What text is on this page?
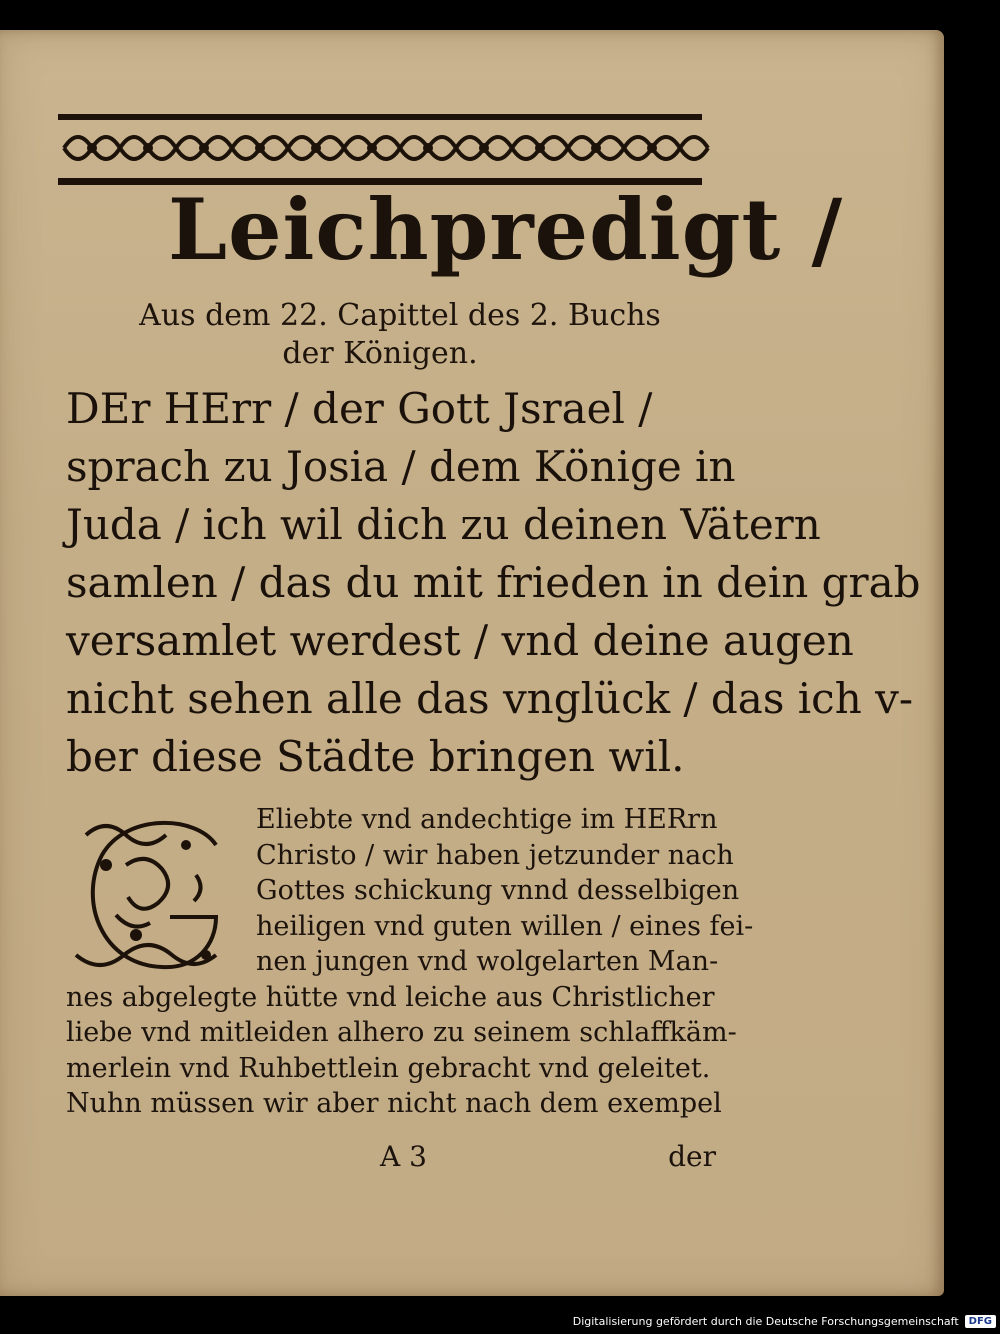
Leichpredigt /
Aus dem 22. Capittel des 2. Buchs
der Königen.
DEr HErr / der Gott Jsrael /
sprach zu Josia / dem Könige in
Juda / ich wil dich zu deinen Vätern
samlen / das du mit frieden in dein grab
versamlet werdest / vnd deine augen
nicht sehen alle das vnglück / das ich v-
ber diese Städte bringen wil.
Eliebte vnd andechtige im HERrn
Christo / wir haben jetzunder nach
Gottes schickung vnnd desselbigen
heiligen vnd guten willen / eines fei-
nen jungen vnd wolgelarten Man-
nes abgelegte hütte vnd leiche aus Christlicher
liebe vnd mitleiden alhero zu seinem schlaffkäm-
merlein vnd Ruhbettlein gebracht vnd geleitet.
Nuhn müssen wir aber nicht nach dem exempel
A 3	der
Digitalisierung gefördert durch die Deutsche Forschungsgemeinschaft	DFG
